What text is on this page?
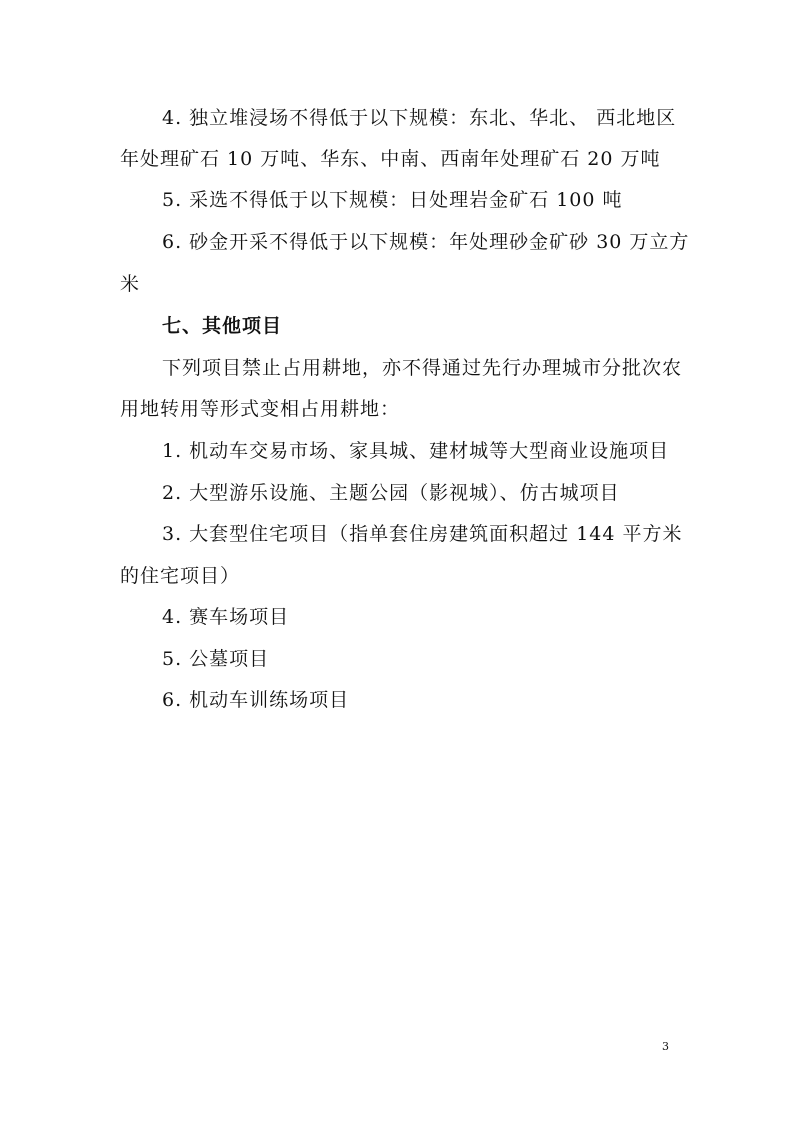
4. 独立堆浸场不得低于以下规模：东北、华北、 西北地区
年处理矿石 10 万吨、华东、中南、西南年处理矿石 20 万吨
5. 采选不得低于以下规模：日处理岩金矿石 100 吨
6. 砂金开采不得低于以下规模：年处理砂金矿砂 30 万立方
米
七、其他项目
下列项目禁止占用耕地，亦不得通过先行办理城市分批次农
用地转用等形式变相占用耕地：
1. 机动车交易市场、家具城、建材城等大型商业设施项目
2. 大型游乐设施、主题公园（影视城）、仿古城项目
3. 大套型住宅项目（指单套住房建筑面积超过 144 平方米
的住宅项目）
4. 赛车场项目
5. 公墓项目
6. 机动车训练场项目
3
